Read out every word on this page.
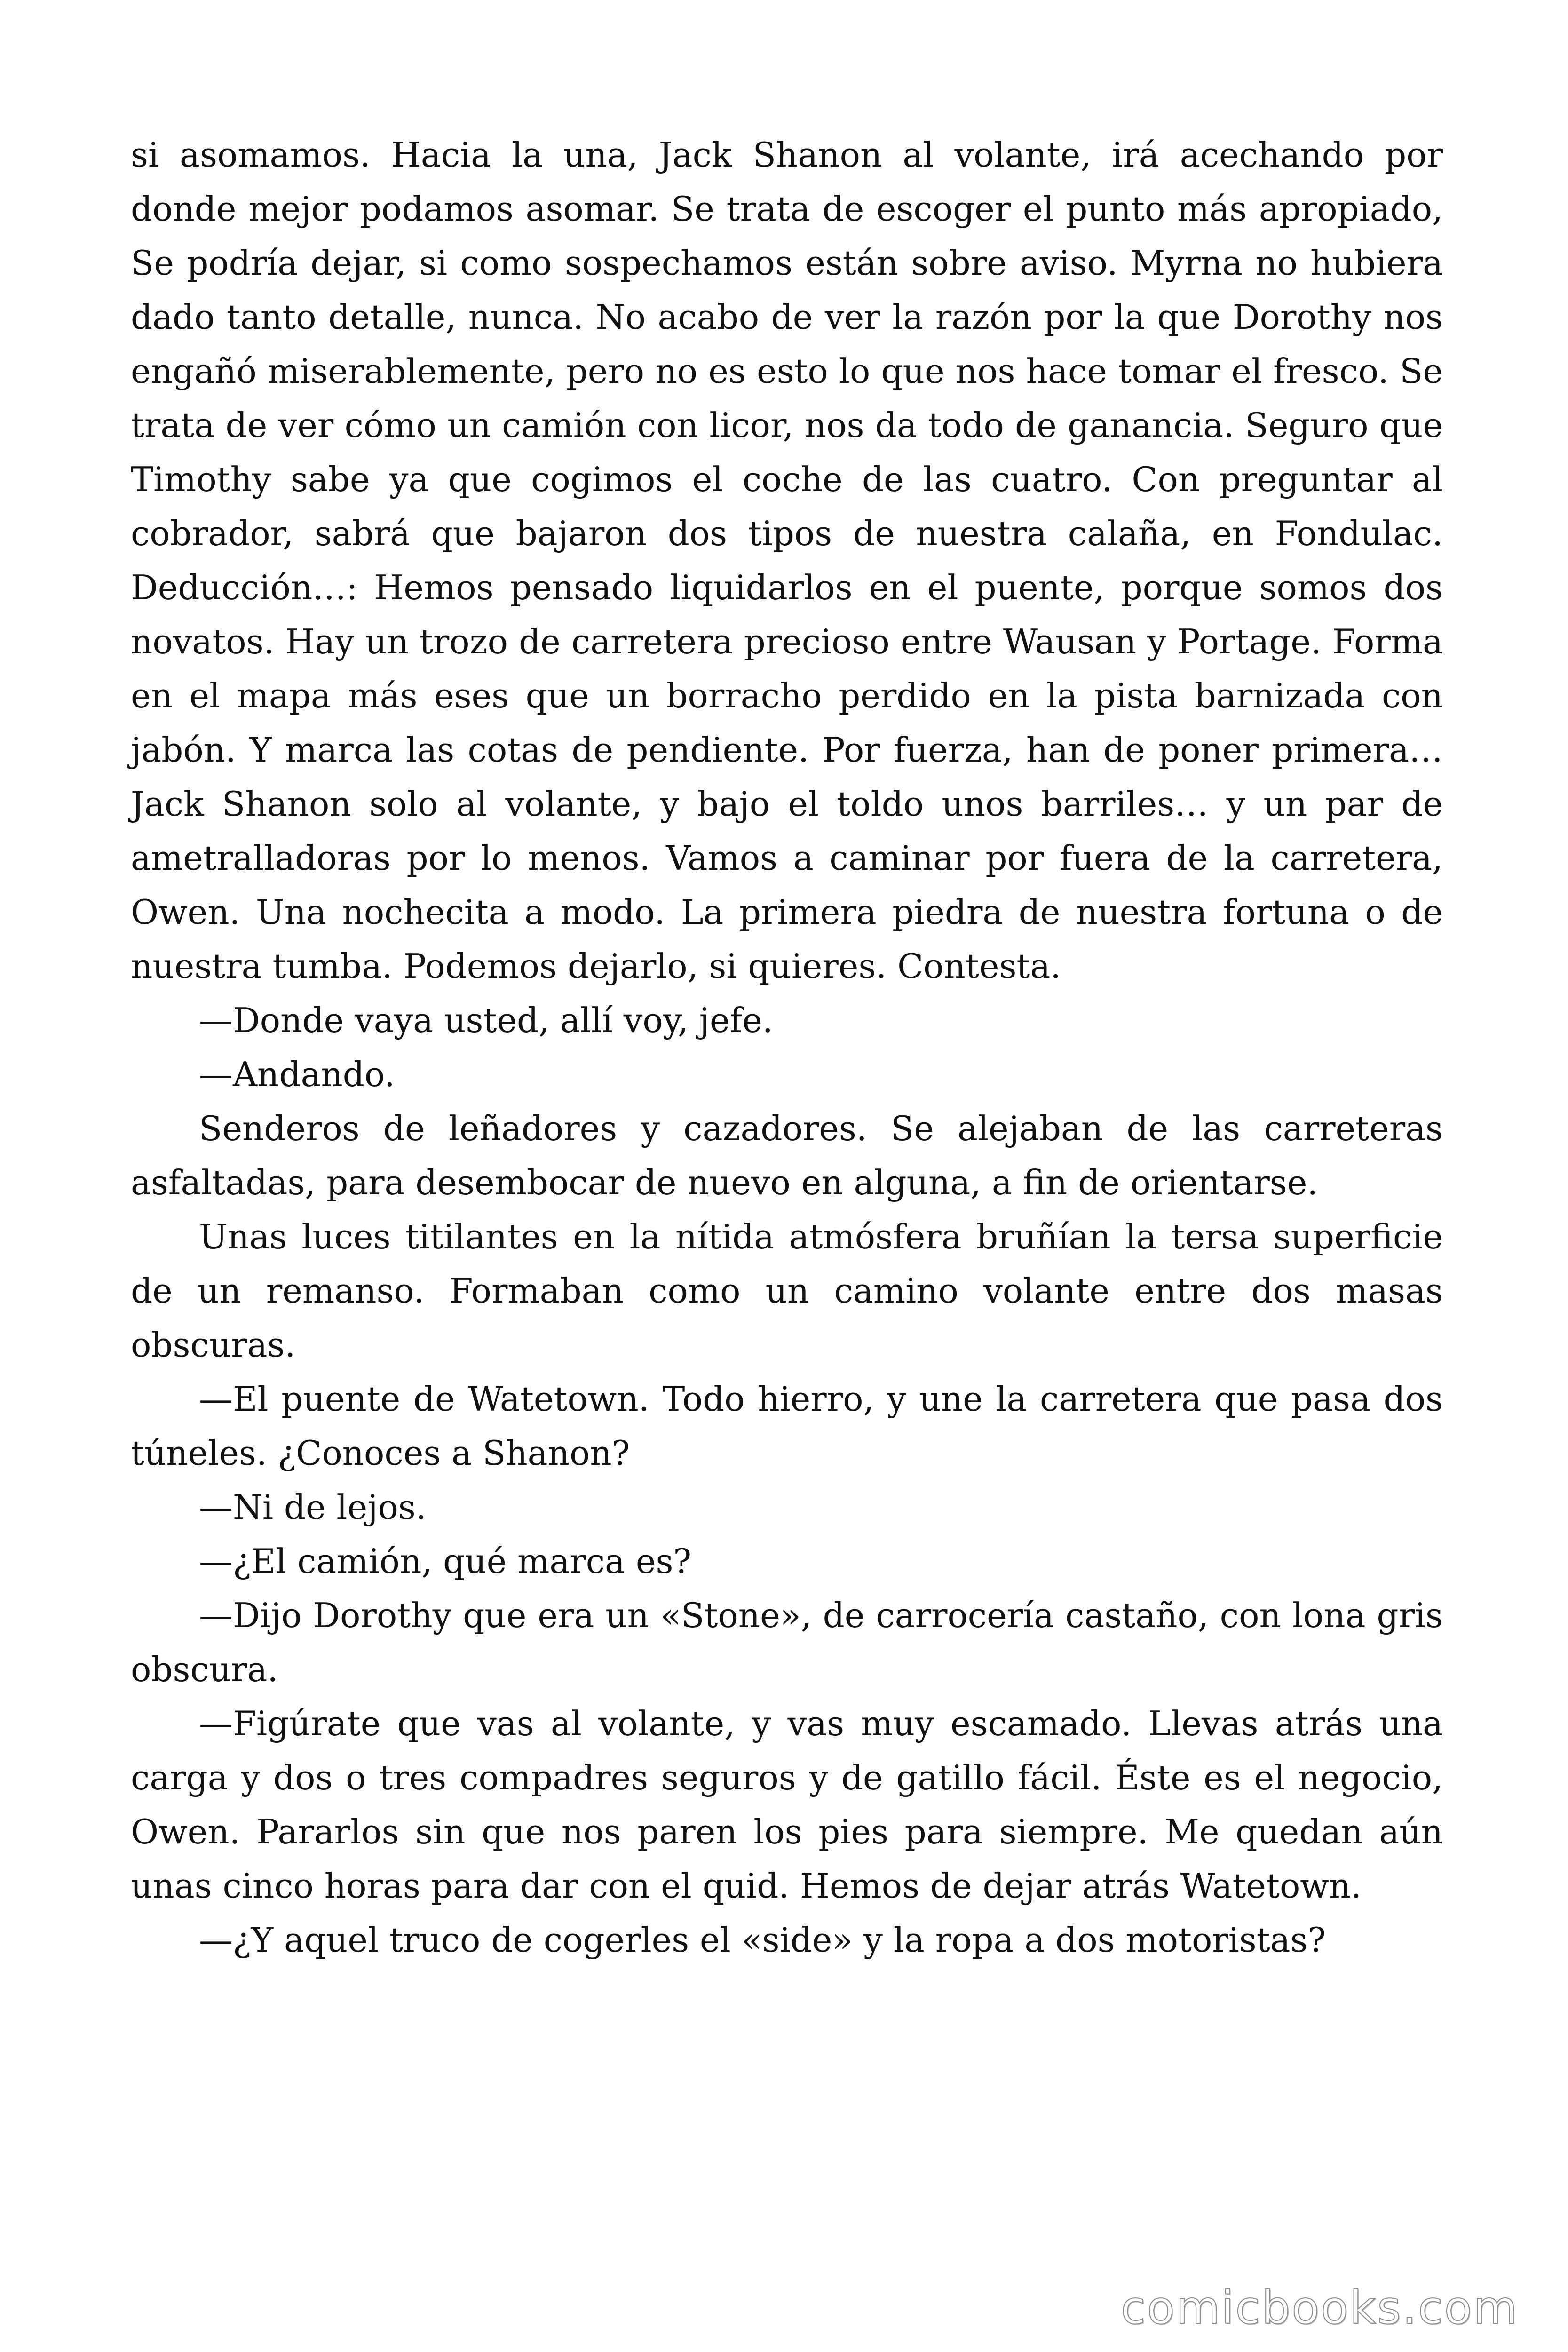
si asomamos. Hacia la una, Jack Shanon al volante, irá acechando por donde mejor podamos asomar. Se trata de escoger el punto más apropiado, Se podría dejar, si como sospechamos están sobre aviso. Myrna no hubiera dado tanto detalle, nunca. No acabo de ver la razón por la que Dorothy nos engañó miserablemente, pero no es esto lo que nos hace tomar el fresco. Se trata de ver cómo un camión con licor, nos da todo de ganancia. Seguro que Timothy sabe ya que cogimos el coche de las cuatro. Con preguntar al cobrador, sabrá que bajaron dos tipos de nuestra calaña, en Fondulac. Deducción…: Hemos pensado liquidarlos en el puente, porque somos dos novatos. Hay un trozo de carretera precioso entre Wausan y Portage. Forma en el mapa más eses que un borracho perdido en la pista barnizada con jabón. Y marca las cotas de pendiente. Por fuerza, han de poner primera… Jack Shanon solo al volante, y bajo el toldo unos barriles… y un par de ametralladoras por lo menos. Vamos a caminar por fuera de la carretera, Owen. Una nochecita a modo. La primera piedra de nuestra fortuna o de nuestra tumba. Podemos dejarlo, si quieres. Contesta.

—Donde vaya usted, allí voy, jefe.

—Andando.

Senderos de leñadores y cazadores. Se alejaban de las carreteras asfaltadas, para desembocar de nuevo en alguna, a fin de orientarse.

Unas luces titilantes en la nítida atmósfera bruñían la tersa superficie de un remanso. Formaban como un camino volante entre dos masas obscuras.

—El puente de Watetown. Todo hierro, y une la carretera que pasa dos túneles. ¿Conoces a Shanon?

—Ni de lejos.

—¿El camión, qué marca es?

—Dijo Dorothy que era un «Stone», de carrocería castaño, con lona gris obscura.

—Figúrate que vas al volante, y vas muy escamado. Llevas atrás una carga y dos o tres compadres seguros y de gatillo fácil. Éste es el negocio, Owen. Pararlos sin que nos paren los pies para siempre. Me quedan aún unas cinco horas para dar con el quid. Hemos de dejar atrás Watetown.

—¿Y aquel truco de cogerles el «side» y la ropa a dos motoristas?

comicbooks.com
